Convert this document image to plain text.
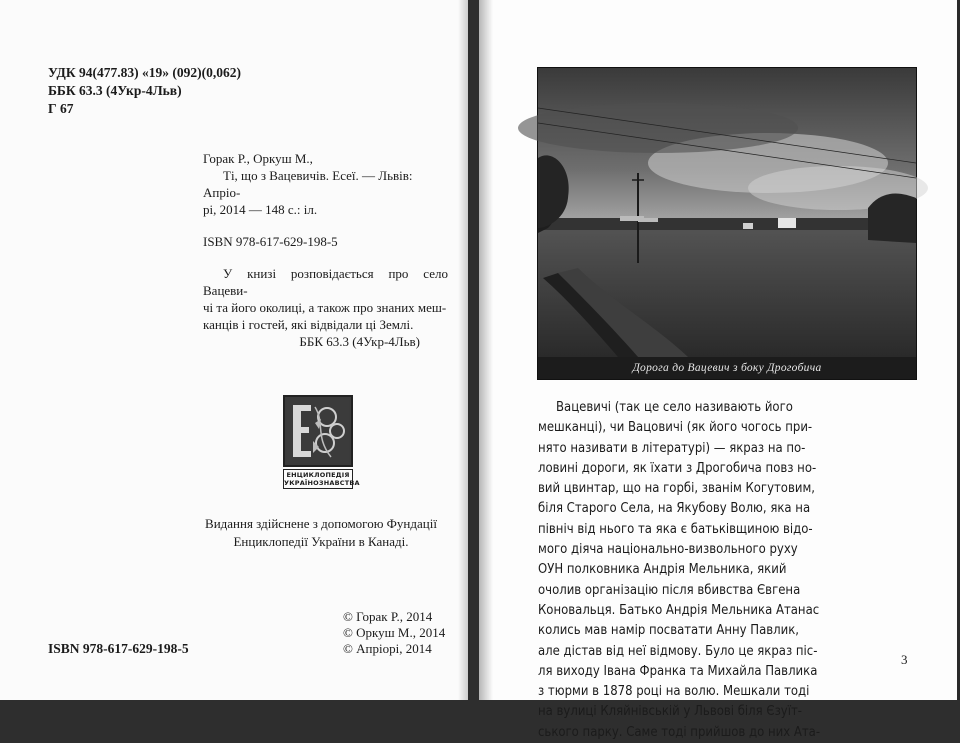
УДК 94(477.83) «19» (092)(0,062)
ББК 63.3 (4Укр-4Льв)
Г 67
Горак Р., Оркуш М.,
Ті, що з Вацевичів. Есеї. — Львів: Апріо-
рі, 2014 — 148 с.: іл.
ISBN 978-617-629-198-5
У книзі розповідається про село Вацеви-
чі та його околиці, а також про знаних меш-
канців і гостей, які відвідали ці Землі.
ББК 63.3 (4Укр-4Льв)
ЕНЦИКЛОПЕДІЯ
УКРАЇНОЗНАВСТВА
Видання здійснене з допомогою Фундації
Енциклопедії України в Канаді.
© Горак Р., 2014
© Оркуш М., 2014
© Апріорі, 2014
ISBN 978-617-629-198-5
Дорога до Вацевич з боку Дрогобича
Вацевичі (так це село називають його
мешканці), чи Вацовичі (як його чогось при-
нято називати в літературі) — якраз на по-
ловині дороги, як їхати з Дрогобича повз но-
вий цвинтар, що на горбі, званім Когутовим,
біля Старого Села, на Якубову Волю, яка на
північ від нього та яка є батьківщиною відо-
мого діяча національно-визвольного руху
ОУН полковника Андрія Мельника, який
очолив організацію після вбивства Євгена
Коновальця. Батько Андрія Мельника Атанас
колись мав намір посватати Анну Павлик,
але дістав від неї відмову. Було це якраз піс-
ля виходу Івана Франка та Михайла Павлика
з тюрми в 1878 році на волю. Мешкали тоді
на вулиці Кляйнівській у Львові біля Єзуїт-
ського парку. Саме тоді прийшов до них Ата-
3
